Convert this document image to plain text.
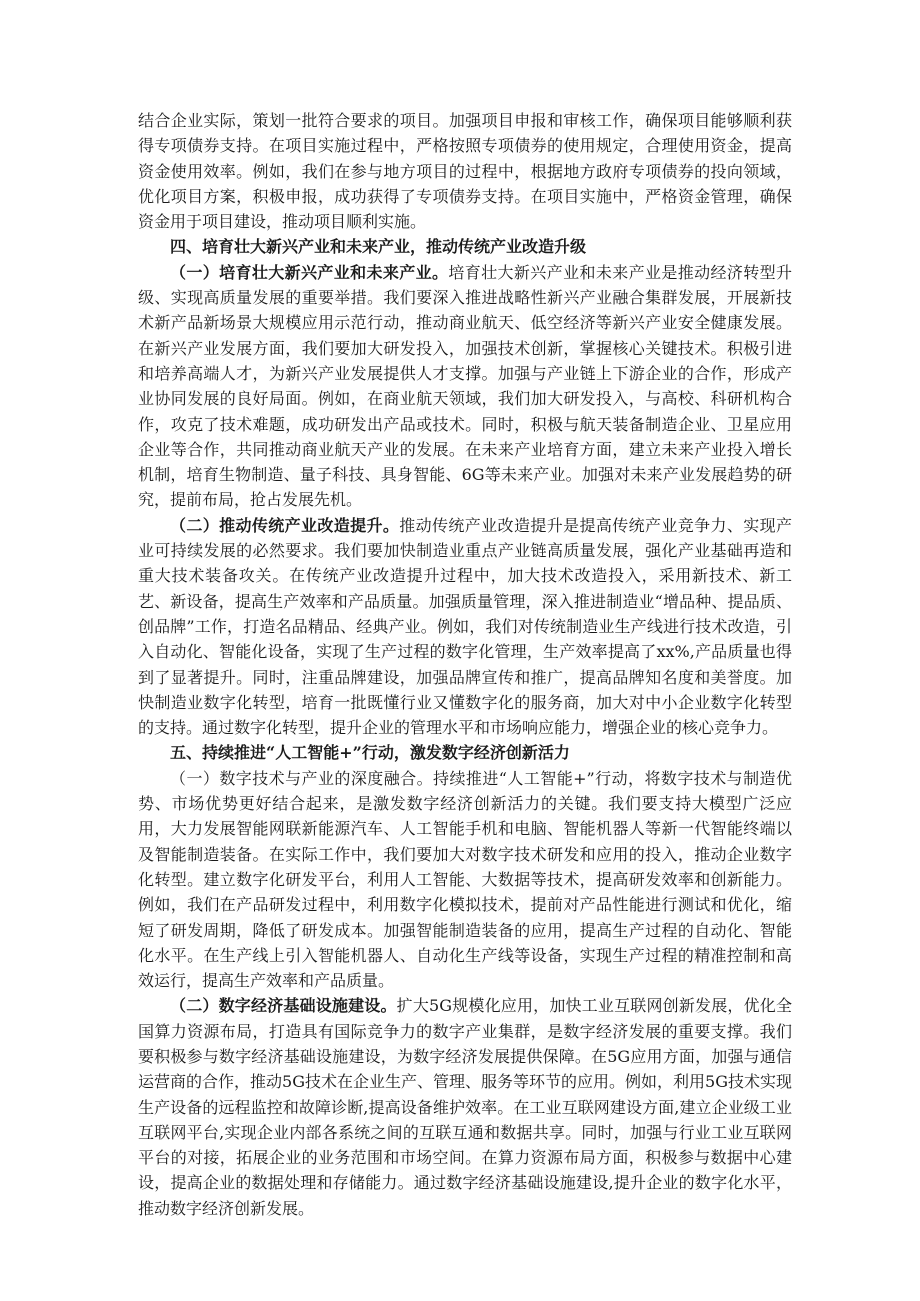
结合企业实际，策划一批符合要求的项目。加强项目申报和审核工作，确保项目能够顺利获得专项债券支持。在项目实施过程中，严格按照专项债券的使用规定，合理使用资金，提高资金使用效率。例如，我们在参与地方项目的过程中，根据地方政府专项债券的投向领域，优化项目方案，积极申报，成功获得了专项债券支持。在项目实施中，严格资金管理，确保资金用于项目建设，推动项目顺利实施。

四、培育壮大新兴产业和未来产业，推动传统产业改造升级

（一）培育壮大新兴产业和未来产业。培育壮大新兴产业和未来产业是推动经济转型升级、实现高质量发展的重要举措。我们要深入推进战略性新兴产业融合集群发展，开展新技术新产品新场景大规模应用示范行动，推动商业航天、低空经济等新兴产业安全健康发展。在新兴产业发展方面，我们要加大研发投入，加强技术创新，掌握核心关键技术。积极引进和培养高端人才，为新兴产业发展提供人才支撑。加强与产业链上下游企业的合作，形成产业协同发展的良好局面。例如，在商业航天领域，我们加大研发投入，与高校、科研机构合作，攻克了技术难题，成功研发出产品或技术。同时，积极与航天装备制造企业、卫星应用企业等合作，共同推动商业航天产业的发展。在未来产业培育方面，建立未来产业投入增长机制，培育生物制造、量子科技、具身智能、6G等未来产业。加强对未来产业发展趋势的研究，提前布局，抢占发展先机。

（二）推动传统产业改造提升。推动传统产业改造提升是提高传统产业竞争力、实现产业可持续发展的必然要求。我们要加快制造业重点产业链高质量发展，强化产业基础再造和重大技术装备攻关。在传统产业改造提升过程中，加大技术改造投入，采用新技术、新工艺、新设备，提高生产效率和产品质量。加强质量管理，深入推进制造业“增品种、提品质、创品牌”工作，打造名品精品、经典产业。例如，我们对传统制造业生产线进行技术改造，引入自动化、智能化设备，实现了生产过程的数字化管理，生产效率提高了xx%,产品质量也得到了显著提升。同时，注重品牌建设，加强品牌宣传和推广，提高品牌知名度和美誉度。加快制造业数字化转型，培育一批既懂行业又懂数字化的服务商，加大对中小企业数字化转型的支持。通过数字化转型，提升企业的管理水平和市场响应能力，增强企业的核心竞争力。

五、持续推进“人工智能+”行动，激发数字经济创新活力

（一）数字技术与产业的深度融合。持续推进“人工智能+”行动，将数字技术与制造优势、市场优势更好结合起来，是激发数字经济创新活力的关键。我们要支持大模型广泛应用，大力发展智能网联新能源汽车、人工智能手机和电脑、智能机器人等新一代智能终端以及智能制造装备。在实际工作中，我们要加大对数字技术研发和应用的投入，推动企业数字化转型。建立数字化研发平台，利用人工智能、大数据等技术，提高研发效率和创新能力。例如，我们在产品研发过程中，利用数字化模拟技术，提前对产品性能进行测试和优化，缩短了研发周期，降低了研发成本。加强智能制造装备的应用，提高生产过程的自动化、智能化水平。在生产线上引入智能机器人、自动化生产线等设备，实现生产过程的精准控制和高效运行，提高生产效率和产品质量。

（二）数字经济基础设施建设。扩大5G规模化应用，加快工业互联网创新发展，优化全国算力资源布局，打造具有国际竞争力的数字产业集群，是数字经济发展的重要支撑。我们要积极参与数字经济基础设施建设，为数字经济发展提供保障。在5G应用方面，加强与通信运营商的合作，推动5G技术在企业生产、管理、服务等环节的应用。例如，利用5G技术实现生产设备的远程监控和故障诊断,提高设备维护效率。在工业互联网建设方面,建立企业级工业互联网平台,实现企业内部各系统之间的互联互通和数据共享。同时，加强与行业工业互联网平台的对接，拓展企业的业务范围和市场空间。在算力资源布局方面，积极参与数据中心建设，提高企业的数据处理和存储能力。通过数字经济基础设施建设,提升企业的数字化水平，推动数字经济创新发展。
